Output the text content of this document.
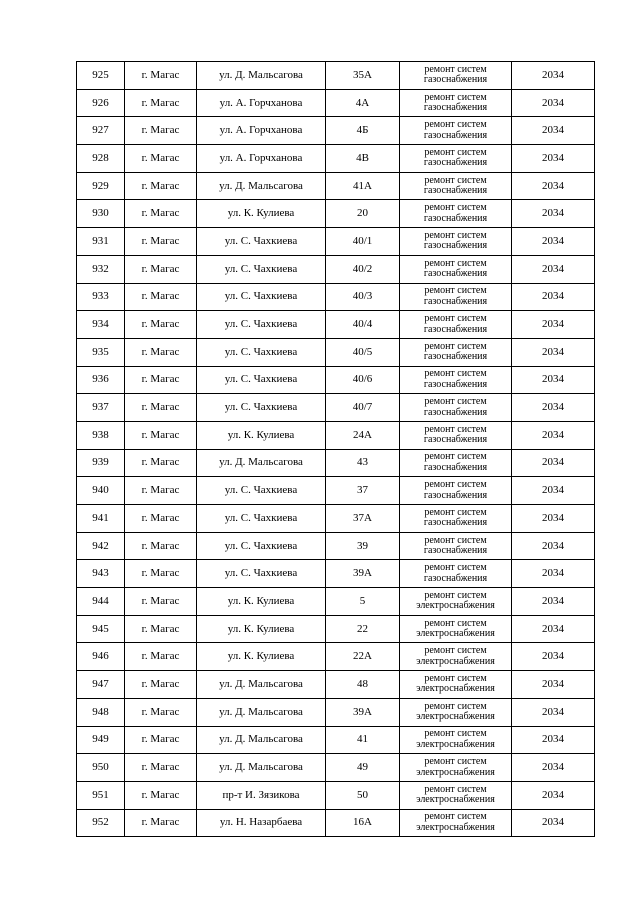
925	г. Магас	ул. Д. Мальсагова	35А	ремонт систем
газоснабжения	2034
926	г. Магас	ул. А. Горчханова	4А	ремонт систем
газоснабжения	2034
927	г. Магас	ул. А. Горчханова	4Б	ремонт систем
газоснабжения	2034
928	г. Магас	ул. А. Горчханова	4В	ремонт систем
газоснабжения	2034
929	г. Магас	ул. Д. Мальсагова	41А	ремонт систем
газоснабжения	2034
930	г. Магас	ул. К. Кулиева	20	ремонт систем
газоснабжения	2034
931	г. Магас	ул. С. Чахкиева	40/1	ремонт систем
газоснабжения	2034
932	г. Магас	ул. С. Чахкиева	40/2	ремонт систем
газоснабжения	2034
933	г. Магас	ул. С. Чахкиева	40/3	ремонт систем
газоснабжения	2034
934	г. Магас	ул. С. Чахкиева	40/4	ремонт систем
газоснабжения	2034
935	г. Магас	ул. С. Чахкиева	40/5	ремонт систем
газоснабжения	2034
936	г. Магас	ул. С. Чахкиева	40/6	ремонт систем
газоснабжения	2034
937	г. Магас	ул. С. Чахкиева	40/7	ремонт систем
газоснабжения	2034
938	г. Магас	ул. К. Кулиева	24А	ремонт систем
газоснабжения	2034
939	г. Магас	ул. Д. Мальсагова	43	ремонт систем
газоснабжения	2034
940	г. Магас	ул. С. Чахкиева	37	ремонт систем
газоснабжения	2034
941	г. Магас	ул. С. Чахкиева	37А	ремонт систем
газоснабжения	2034
942	г. Магас	ул. С. Чахкиева	39	ремонт систем
газоснабжения	2034
943	г. Магас	ул. С. Чахкиева	39А	ремонт систем
газоснабжения	2034
944	г. Магас	ул. К. Кулиева	5	ремонт систем
электроснабжения	2034
945	г. Магас	ул. К. Кулиева	22	ремонт систем
электроснабжения	2034
946	г. Магас	ул. К. Кулиева	22А	ремонт систем
электроснабжения	2034
947	г. Магас	ул. Д. Мальсагова	48	ремонт систем
электроснабжения	2034
948	г. Магас	ул. Д. Мальсагова	39А	ремонт систем
электроснабжения	2034
949	г. Магас	ул. Д. Мальсагова	41	ремонт систем
электроснабжения	2034
950	г. Магас	ул. Д. Мальсагова	49	ремонт систем
электроснабжения	2034
951	г. Магас	пр-т И. Зязикова	50	ремонт систем
электроснабжения	2034
952	г. Магас	ул. Н. Назарбаева	16А	ремонт систем
электроснабжения	2034
